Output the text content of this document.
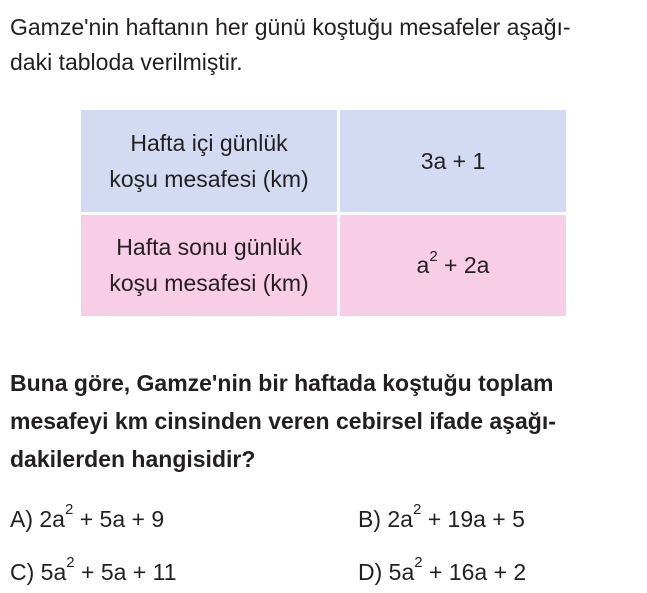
Gamze'nin haftanın her günü koştuğu mesafeler aşağı-
daki tabloda verilmiştir.

Hafta içi günlük
koşu mesafesi (km)	3a + 1
Hafta sonu günlük
koşu mesafesi (km)	$a^2 + 2a$

Buna göre, Gamze'nin bir haftada koştuğu toplam
mesafeyi km cinsinden veren cebirsel ifade aşağı-
dakilerden hangisidir?

A) $2a^2 + 5a + 9$	B) $2a^2 + 19a + 5$
C) $5a^2 + 5a + 11$	D) $5a^2 + 16a + 2$
